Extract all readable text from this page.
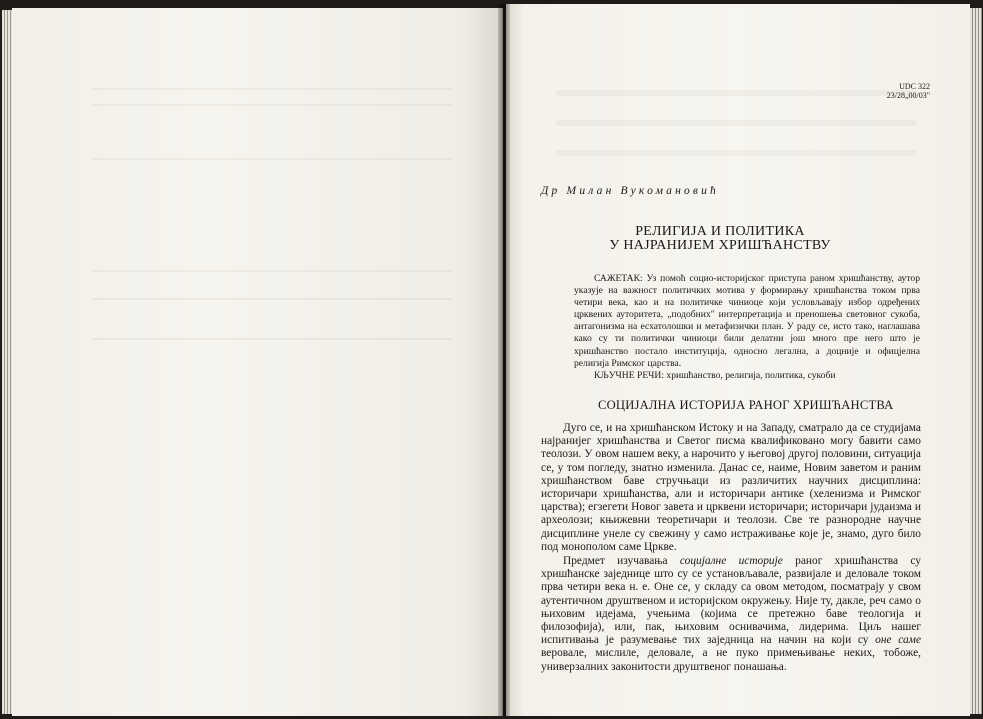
UDC 322
23/28„00/03"
Др Милан Вукомановић
РЕЛИГИЈА И ПОЛИТИКА
У НАЈРАНИЈЕМ ХРИШЋАНСТВУ

САЖЕТАК: Уз помоћ социо-историјског приступа раном хришћанству, аутор указује на важност политичких мотива у формирању хришћанства током прва четири века, као и на политичке чиниоце који условљавају избор одређених црквених ауторитета, „подобних" интерпретација и преношења световног сукоба, антагонизма на есхатолошки и метафизички план. У раду се, исто тако, наглашава како су ти политички чиниоци били делатни још много пре него што је хришћанство постало институција, односно легална, а доцније и офицјелна религија Римског царства.

КЉУЧНЕ РЕЧИ: хришћанство, религија, политика, сукоби
СОЦИЈАЛНА ИСТОРИЈА РАНОГ ХРИШЋАНСТВА

Дуго се, и на хришћанском Истоку и на Западу, сматрало да се студијама најранијег хришћанства и Светог писма квалификовано могу бавити само теолози. У овом нашем веку, а нарочито у његовој другој половини, ситуација се, у том погледу, знатно изменила. Данас се, наиме, Новим заветом и раним хришћанством баве стручњаци из различитих научних дисциплина: историчари хришћанства, али и историчари антике (хеленизма и Римског царства); егзегети Новог завета и црквени историчари; историчари јудаизма и археолози; књижевни теоретичари и теолози. Све те разнородне научне дисциплине унеле су свежину у само истраживање које је, знамо, дуго било под монополом саме Цркве.

Предмет изучавања социјалне историје раног хришћанства су хришћанске заједнице што су се установљавале, развијале и деловале током прва четири века н. е. Оне се, у складу са овом методом, посматрају у свом аутентичном друштвеном и историјском окружењу. Није ту, дакле, реч само о њиховим идејама, учењима (којима се претежно баве теологија и филозофија), или, пак, њиховим оснивачима, лидерима. Циљ нашег испитивања је разумевање тих заједница на начин на који су оне саме веровале, мислиле, деловале, а не пуко примењивање неких, тобоже, универзалних законитости друштвеног понашања.
